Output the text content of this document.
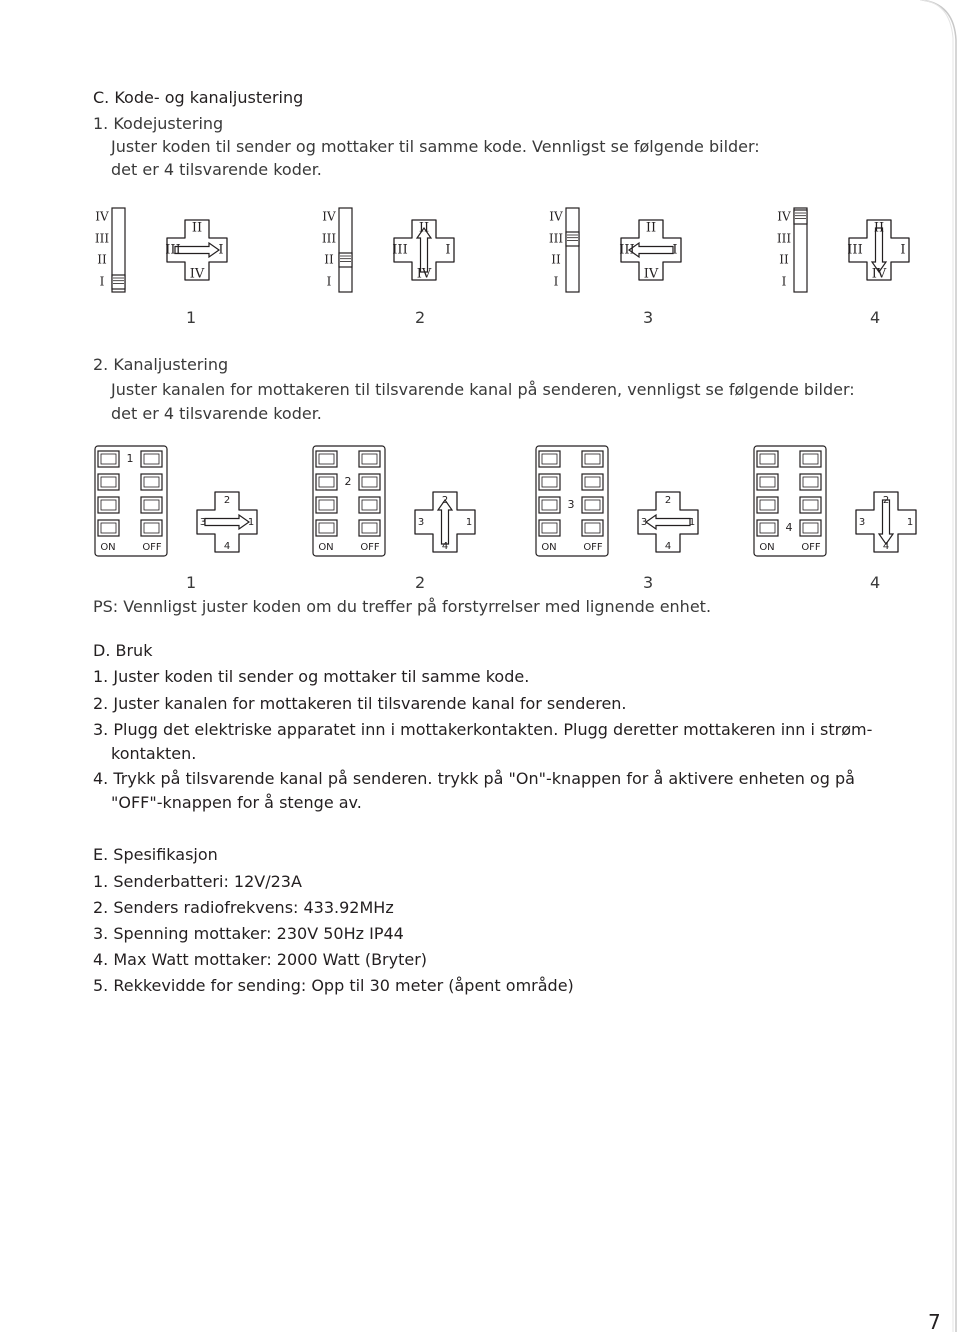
C. Kode- og kanaljustering
1. Kodejustering
Juster koden til sender og mottaker til samme kode. Vennligst se følgende bilder:
det er 4 tilsvarende koder.
IV
III
II
I
II
I
IV
III
IV
III
II
I
II
I
IV
III
IV
III
II
I
II
I
IV
III
IV
III
II
I
II
I
IV
III
1	2	3	4
2. Kanaljustering
Juster kanalen for mottakeren til tilsvarende kanal på senderen, vennligst se følgende bilder:
det er 4 tilsvarende koder.
1
ON	OFF
2
1
4
3
2
ON	OFF
2
1
4
3
3
ON	OFF
2
1
4
3	4
ON	OFF
2
1
4
3
1	2	3	4
PS: Vennligst juster koden om du treffer på forstyrrelser med lignende enhet.
D. Bruk
1. Juster koden til sender og mottaker til samme kode.
2. Juster kanalen for mottakeren til tilsvarende kanal for senderen.
3. Plugg det elektriske apparatet inn i mottakerkontakten. Plugg deretter mottakeren inn i strøm-
kontakten.
4. Trykk på tilsvarende kanal på senderen. trykk på "On"-knappen for å aktivere enheten og på
"OFF"-knappen for å stenge av.
E. Spesifikasjon
1. Senderbatteri: 12V/23A
2. Senders radiofrekvens: 433.92MHz
3. Spenning mottaker: 230V 50Hz IP44
4. Max Watt mottaker: 2000 Watt (Bryter)
5. Rekkevidde for sending: Opp til 30 meter (åpent område)
7
